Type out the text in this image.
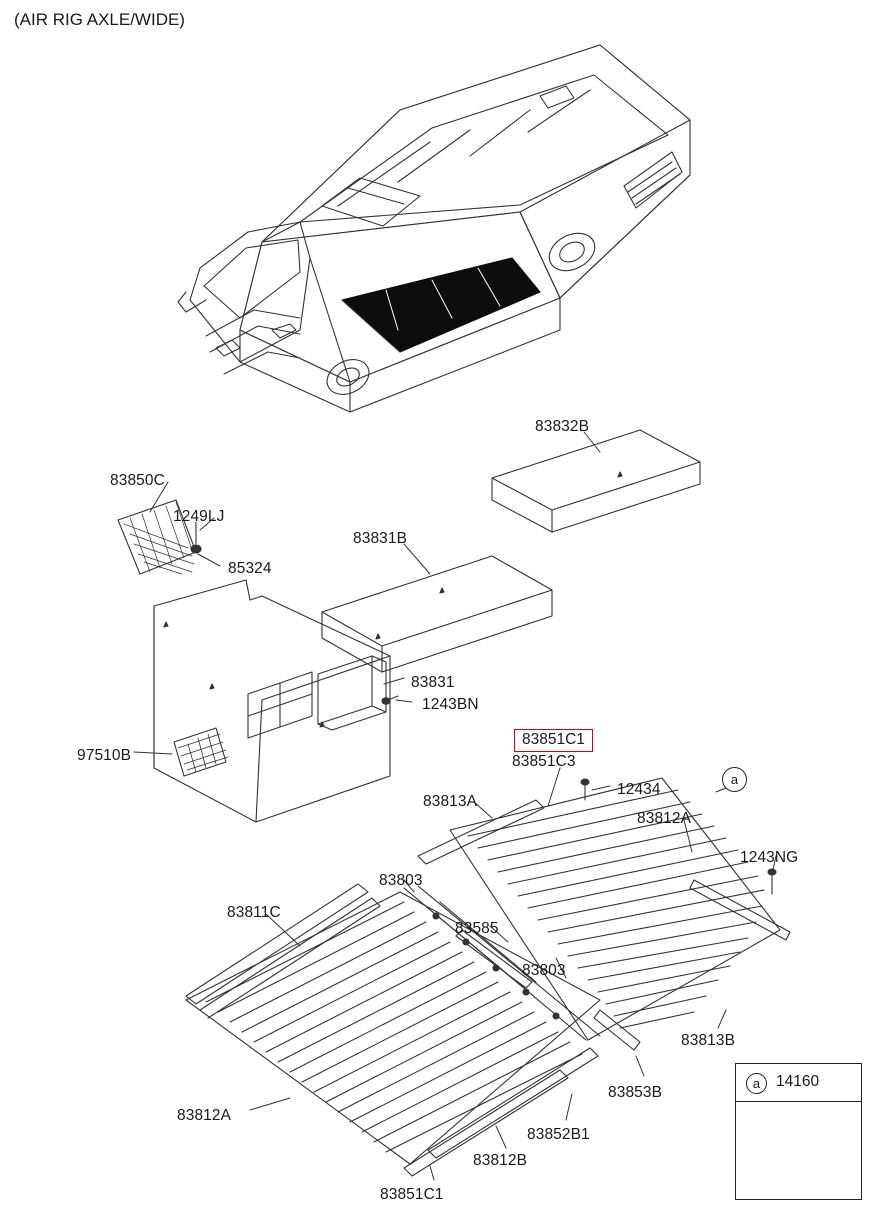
(AIR RIG AXLE/WIDE)
83832B
83850C
1249LJ
83831B
85324
83831
1243BN
97510B	83851C3
12434
83812A
83813A
1243NG
83803
83811C
83585
83803
83813B
83853B
83812A
83852B1
83812B
83851C1
83851C1
a
a	14160
